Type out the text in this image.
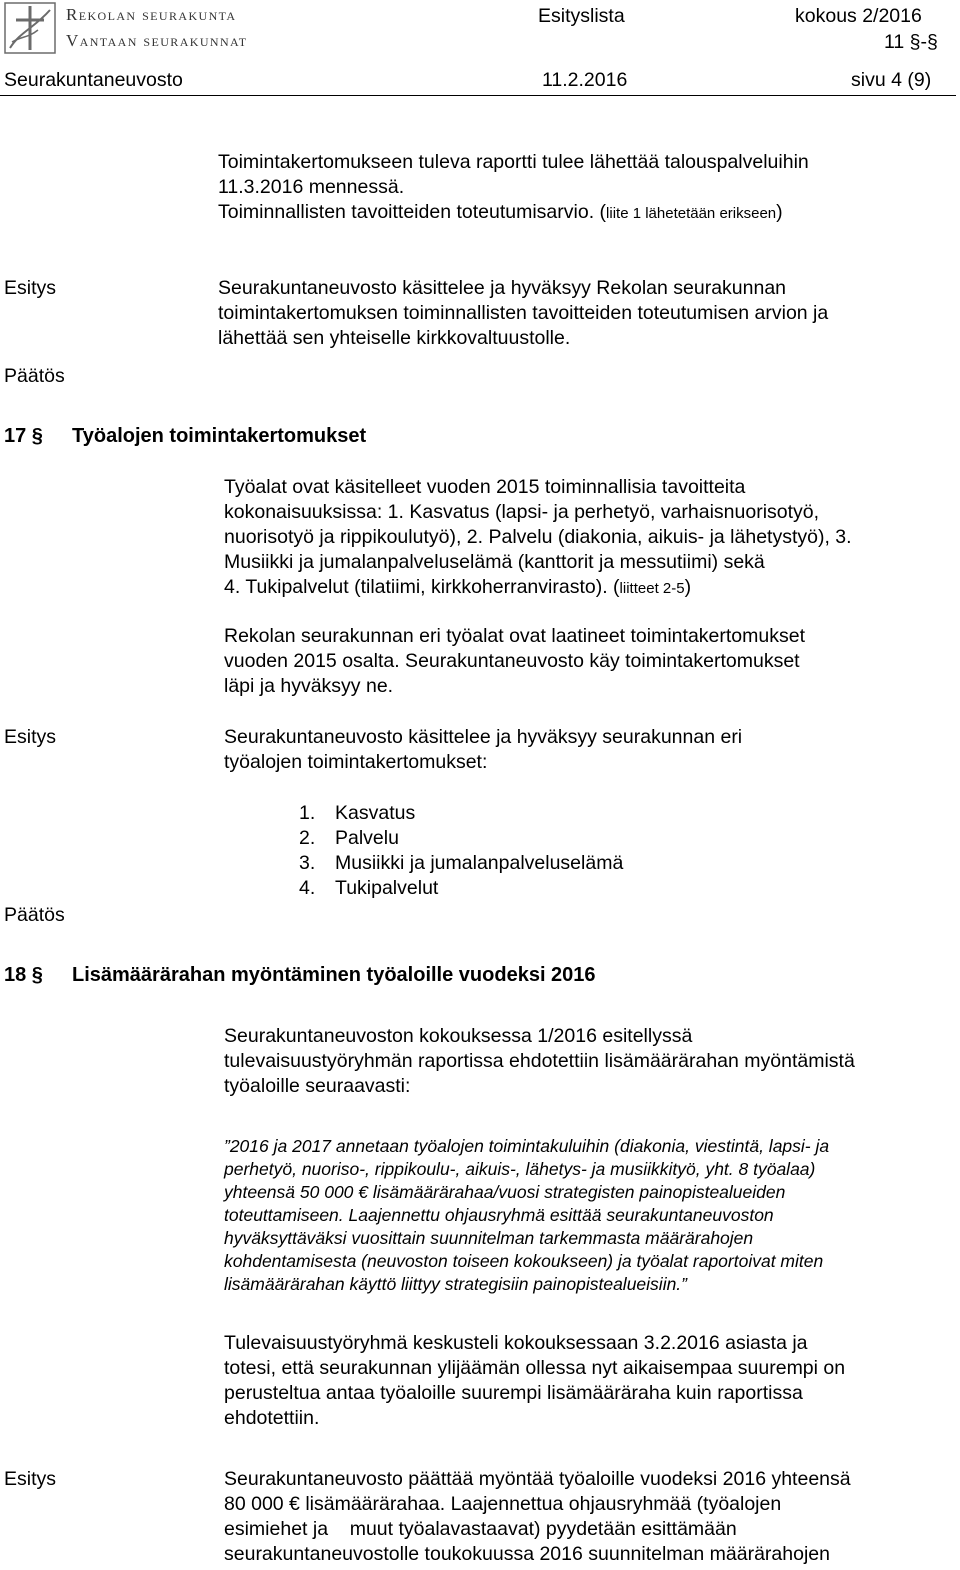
Rekolan seurakunta
Vantaan seurakunnat
Esityslista	kokous 2/2016
11 §-§
Seurakuntaneuvosto	11.2.2016	sivu 4 (9)
Toimintakertomukseen tuleva raportti tulee lähettää talouspalveluihin
11.3.2016 mennessä.
Toiminnallisten tavoitteiden toteutumisarvio. (liite 1 lähetetään erikseen)
Esitys	Seurakuntaneuvosto käsittelee ja hyväksyy Rekolan seurakunnan
toimintakertomuksen toiminnallisten tavoitteiden toteutumisen arvion ja
lähettää sen yhteiselle kirkkovaltuustolle.
Päätös
17 § Työalojen toimintakertomukset
Työalat ovat käsitelleet vuoden 2015 toiminnallisia tavoitteita
kokonaisuuksissa: 1. Kasvatus (lapsi- ja perhetyö, varhaisnuorisotyö,
nuorisotyö ja rippikoulutyö), 2. Palvelu (diakonia, aikuis- ja lähetystyö), 3.
Musiikki ja jumalanpalveluselämä (kanttorit ja messutiimi) sekä
4. Tukipalvelut (tilatiimi, kirkkoherranvirasto). (liitteet 2-5)
Rekolan seurakunnan eri työalat ovat laatineet toimintakertomukset
vuoden 2015 osalta. Seurakuntaneuvosto käy toimintakertomukset
läpi ja hyväksyy ne.
Esitys	Seurakuntaneuvosto käsittelee ja hyväksyy seurakunnan eri
työalojen toimintakertomukset:
1. Kasvatus
2. Palvelu
3. Musiikki ja jumalanpalveluselämä
4. Tukipalvelut
Päätös
18 § Lisämäärärahan myöntäminen työaloille vuodeksi 2016
Seurakuntaneuvoston kokouksessa 1/2016 esitellyssä
tulevaisuustyöryhmän raportissa ehdotettiin lisämäärärahan myöntämistä
työaloille seuraavasti:
”2016 ja 2017 annetaan työalojen toimintakuluihin (diakonia, viestintä, lapsi- ja
perhetyö, nuoriso-, rippikoulu-, aikuis-, lähetys- ja musiikkityö, yht. 8 työalaa)
yhteensä 50 000 € lisämäärärahaa/vuosi strategisten painopistealueiden
toteuttamiseen. Laajennettu ohjausryhmä esittää seurakuntaneuvoston
hyväksyttäväksi vuosittain suunnitelman tarkemmasta määrärahojen
kohdentamisesta (neuvoston toiseen kokoukseen) ja työalat raportoivat miten
lisämäärärahan käyttö liittyy strategisiin painopistealueisiin.”
Tulevaisuustyöryhmä keskusteli kokouksessaan 3.2.2016 asiasta ja
totesi, että seurakunnan ylijäämän ollessa nyt aikaisempaa suurempi on
perusteltua antaa työaloille suurempi lisämääräraha kuin raportissa
ehdotettiin.
Esitys	Seurakuntaneuvosto päättää myöntää työaloille vuodeksi 2016 yhteensä
80 000 € lisämäärärahaa. Laajennettua ohjausryhmää (työalojen
esimiehet ja    muut työalavastaavat) pyydetään esittämään
seurakuntaneuvostolle toukokuussa 2016 suunnitelman määrärahojen
